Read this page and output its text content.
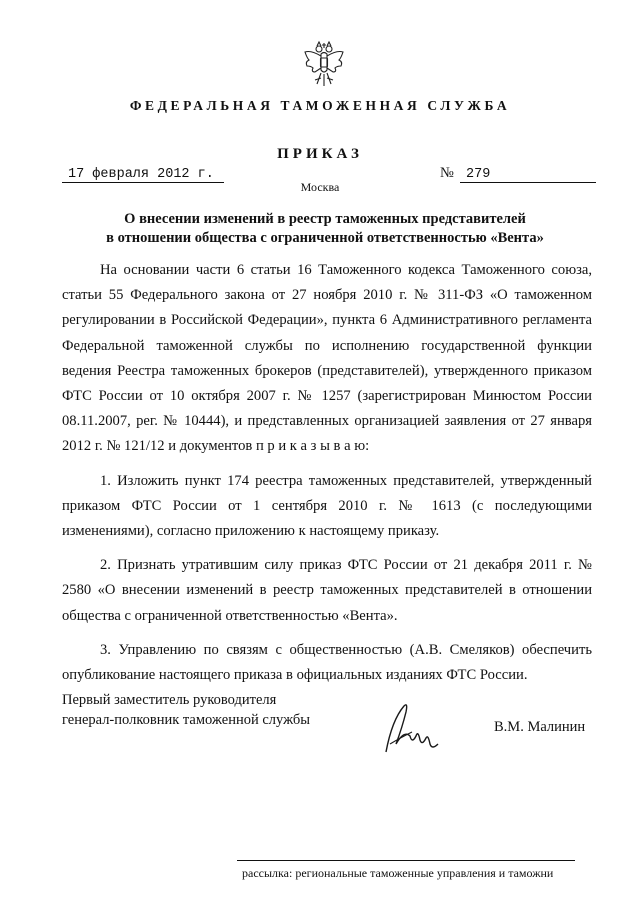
ФЕДЕРАЛЬНАЯ ТАМОЖЕННАЯ СЛУЖБА
ПРИКАЗ
17 февраля 2012 г.	№ 279
Москва
О внесении изменений в реестр таможенных представителей
в отношении общества с ограниченной ответственностью «Вента»

На основании части 6 статьи 16 Таможенного кодекса Таможенного союза, статьи 55 Федерального закона от 27 ноября 2010 г. № 311-ФЗ «О таможенном регулировании в Российской Федерации», пункта 6 Административного регламента Федеральной таможенной службы по исполнению государственной функции ведения Реестра таможенных брокеров (представителей), утвержденного приказом ФТС России от 10 октября 2007 г. № 1257 (зарегистрирован Минюстом России 08.11.2007, рег. № 10444), и представленных организацией заявления от 27 января 2012 г. № 121/12 и документов п р и к а з ы в а ю:

1. Изложить пункт 174 реестра таможенных представителей, утвержденный приказом ФТС России от 1 сентября 2010 г. № 1613 (с последующими изменениями), согласно приложению к настоящему приказу.

2. Признать утратившим силу приказ ФТС России от 21 декабря 2011 г. № 2580 «О внесении изменений в реестр таможенных представителей в отношении общества с ограниченной ответственностью «Вента».

3. Управлению по связям с общественностью (А.В. Смеляков) обеспечить опубликование настоящего приказа в официальных изданиях ФТС России.

Первый заместитель руководителя
генерал-полковник таможенной службы	В.М. Малинин
рассылка: региональные таможенные управления и таможни
